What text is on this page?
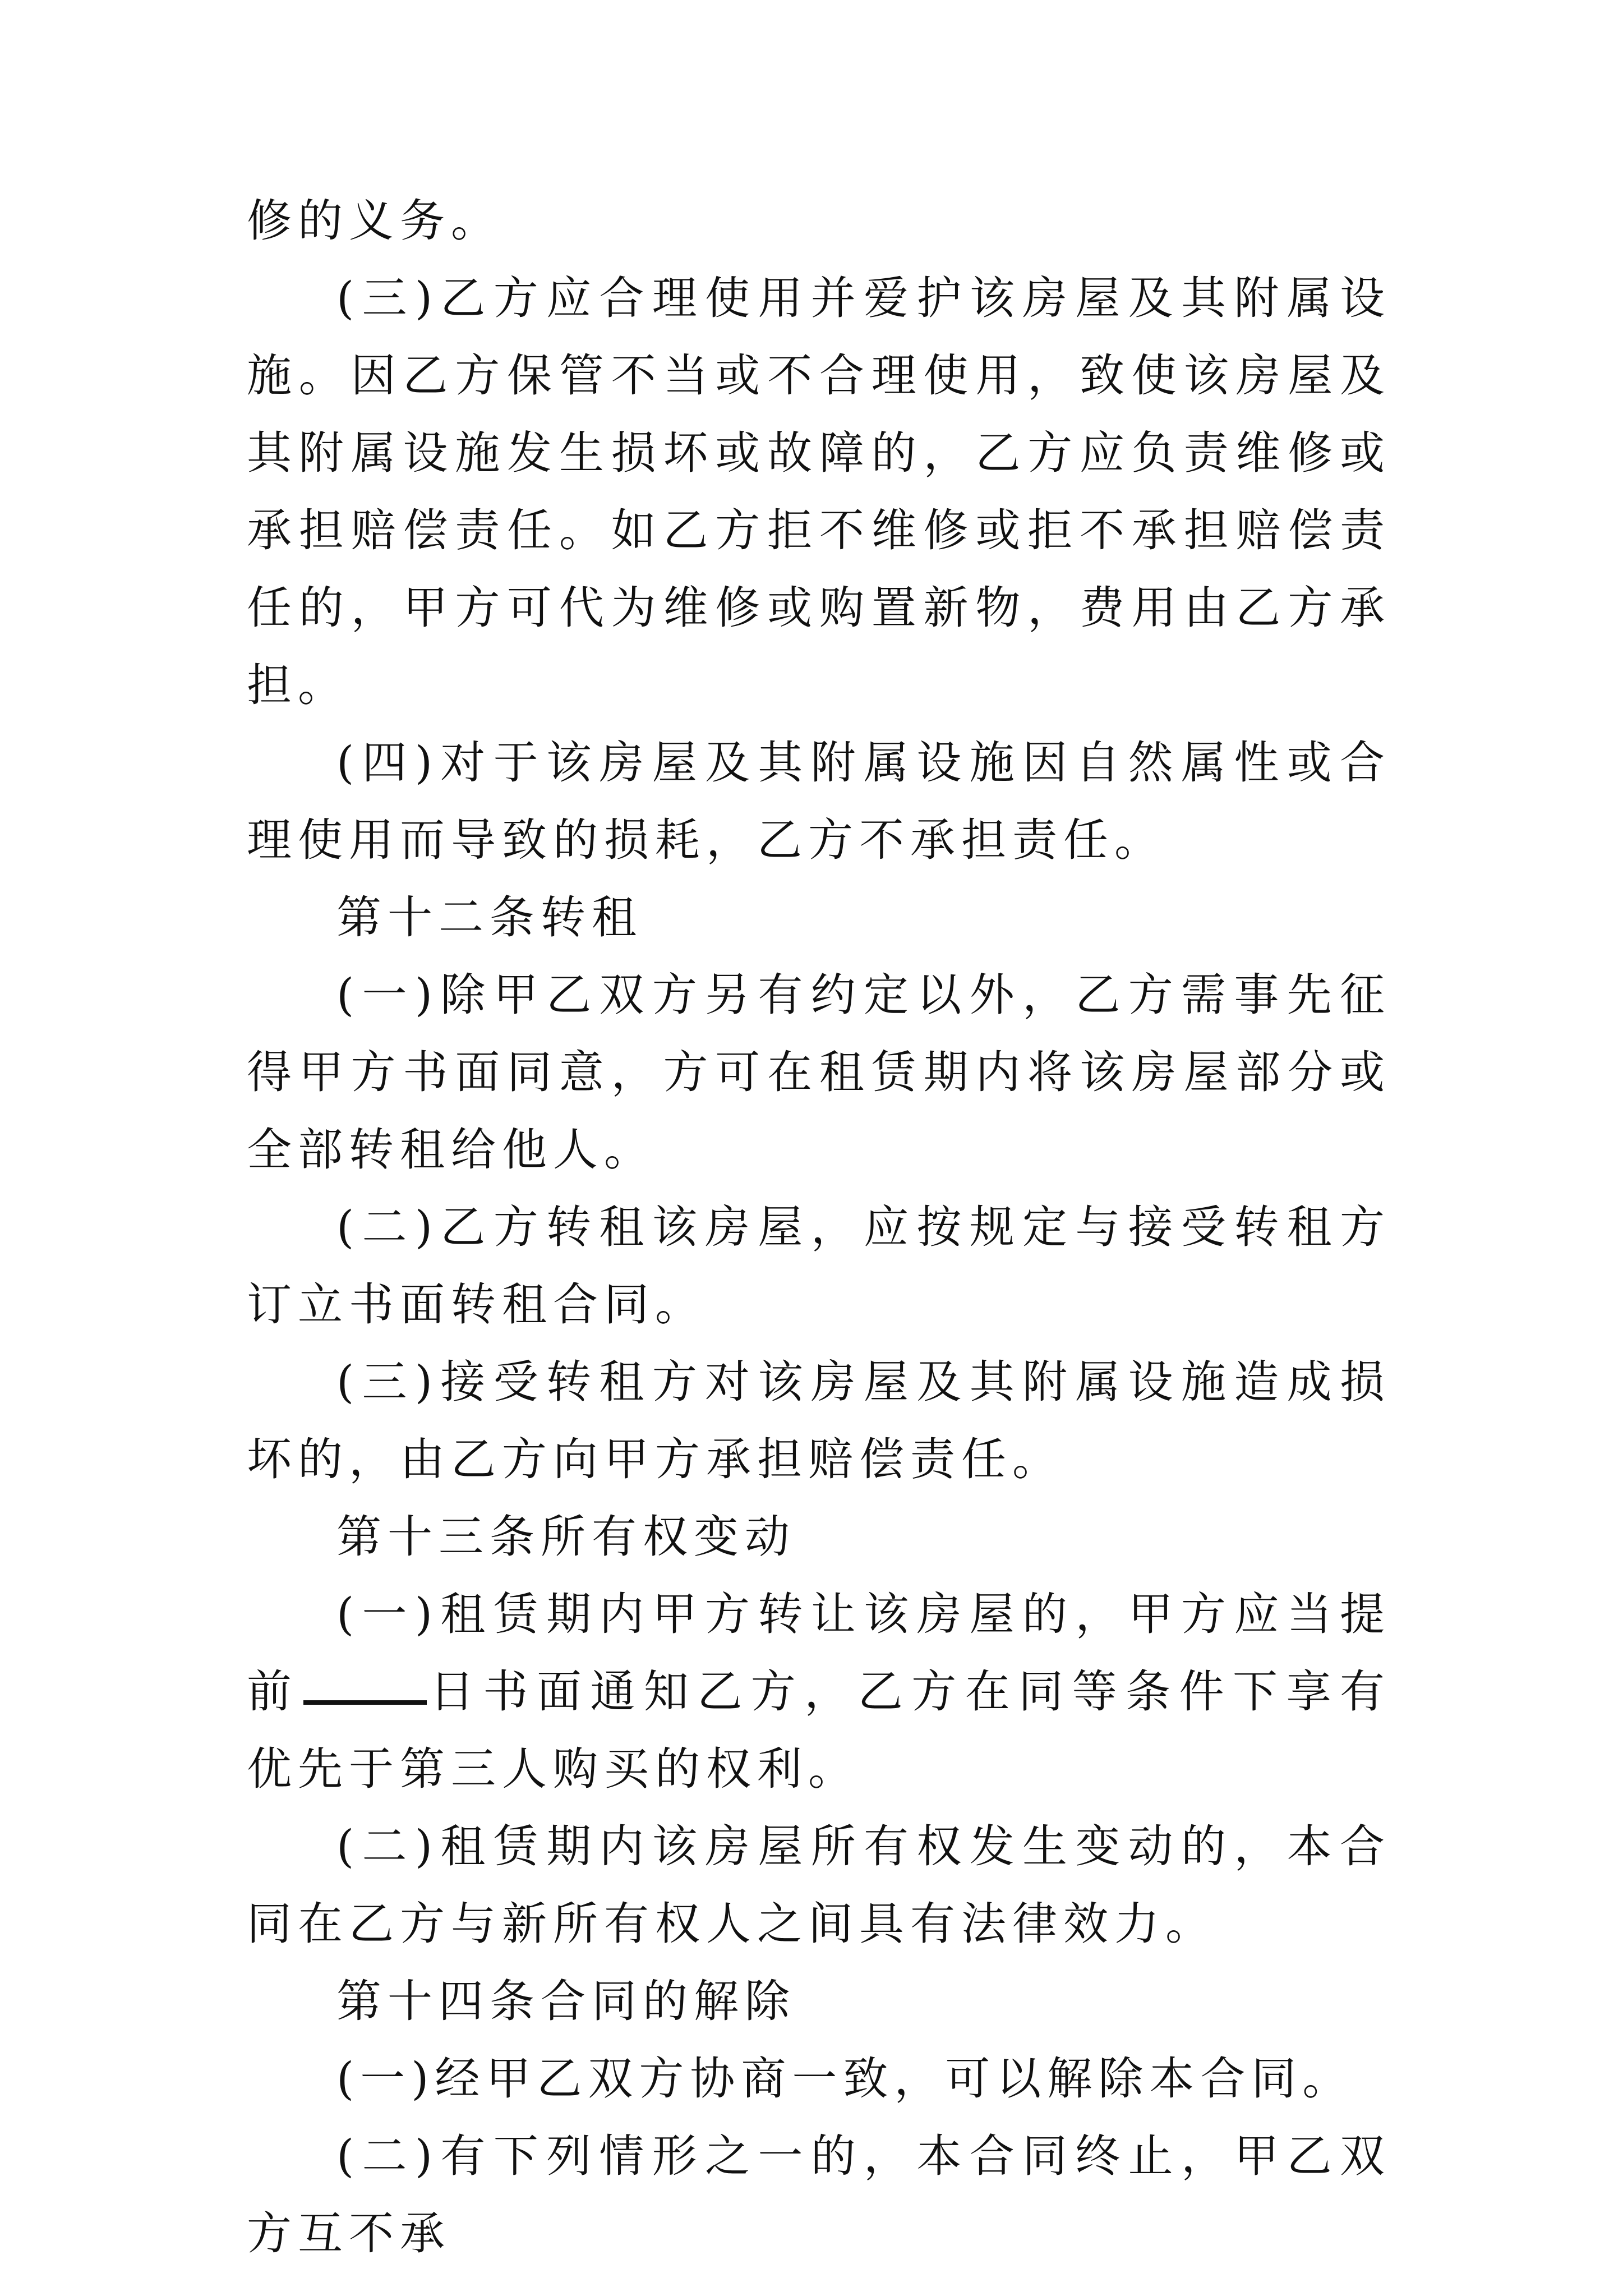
修的义务。

(三)乙方应合理使用并爱护该房屋及其附属设施。因乙方保管不当或不合理使用，致使该房屋及其附属设施发生损坏或故障的，乙方应负责维修或承担赔偿责任。如乙方拒不维修或拒不承担赔偿责任的，甲方可代为维修或购置新物，费用由乙方承担。

(四)对于该房屋及其附属设施因自然属性或合理使用而导致的损耗，乙方不承担责任。

第十二条转租

(一)除甲乙双方另有约定以外，乙方需事先征得甲方书面同意，方可在租赁期内将该房屋部分或全部转租给他人。

(二)乙方转租该房屋，应按规定与接受转租方订立书面转租合同。

(三)接受转租方对该房屋及其附属设施造成损坏的，由乙方向甲方承担赔偿责任。

第十三条所有权变动

(一)租赁期内甲方转让该房屋的，甲方应当提前	日书面通知乙方，乙方在同等条件下享有优先于第三人购买的权利。

(二)租赁期内该房屋所有权发生变动的，本合同在乙方与新所有权人之间具有法律效力。

第十四条合同的解除

(一)经甲乙双方协商一致，可以解除本合同。

(二)有下列情形之一的，本合同终止，甲乙双方互不承
